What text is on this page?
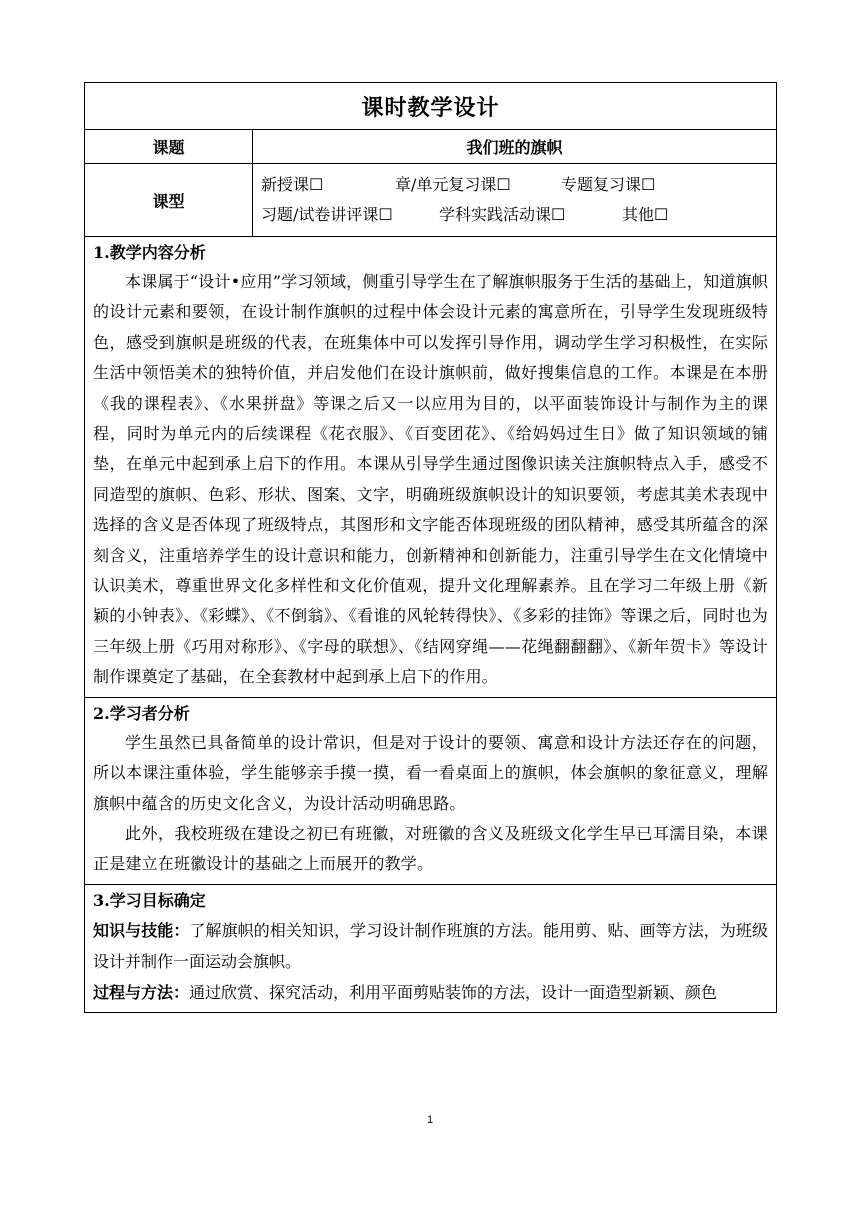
课时教学设计	
课题	我们班的旗帜
课型	新授课☐ 章/单元复习课☐ 专题复习课☐
习题/试卷讲评课☐ 学科实践活动课☐ 其他☐

1.教学内容分析

本课属于“设计•应用”学习领域，侧重引导学生在了解旗帜服务于生活的基础上，知道旗帜的设计元素和要领，在设计制作旗帜的过程中体会设计元素的寓意所在，引导学生发现班级特色，感受到旗帜是班级的代表，在班集体中可以发挥引导作用，调动学生学习积极性，在实际生活中领悟美术的独特价值，并启发他们在设计旗帜前，做好搜集信息的工作。本课是在本册《我的课程表》、《水果拼盘》等课之后又一以应用为目的，以平面装饰设计与制作为主的课程，同时为单元内的后续课程《花衣服》、《百变团花》、《给妈妈过生日》做了知识领域的铺垫，在单元中起到承上启下的作用。本课从引导学生通过图像识读关注旗帜特点入手，感受不同造型的旗帜、色彩、形状、图案、文字，明确班级旗帜设计的知识要领，考虑其美术表现中选择的含义是否体现了班级特点，其图形和文字能否体现班级的团队精神，感受其所蕴含的深刻含义，注重培养学生的设计意识和能力，创新精神和创新能力，注重引导学生在文化情境中认识美术，尊重世界文化多样性和文化价值观，提升文化理解素养。且在学习二年级上册《新颖的小钟表》、《彩蝶》、《不倒翁》、《看谁的风轮转得快》、《多彩的挂饰》等课之后，同时也为三年级上册《巧用对称形》、《字母的联想》、《结网穿绳——花绳翻翻翻》、《新年贺卡》等设计制作课奠定了基础，在全套教材中起到承上启下的作用。	

2.学习者分析

学生虽然已具备简单的设计常识，但是对于设计的要领、寓意和设计方法还存在的问题，所以本课注重体验，学生能够亲手摸一摸，看一看桌面上的旗帜，体会旗帜的象征意义，理解旗帜中蕴含的历史文化含义，为设计活动明确思路。

此外，我校班级在建设之初已有班徽，对班徽的含义及班级文化学生早已耳濡目染，本课正是建立在班徽设计的基础之上而展开的教学。	

3.学习目标确定

知识与技能：了解旗帜的相关知识，学习设计制作班旗的方法。能用剪、贴、画等方法，为班级设计并制作一面运动会旗帜。

过程与方法：通过欣赏、探究活动，利用平面剪贴装饰的方法，设计一面造型新颖、颜色	

1
